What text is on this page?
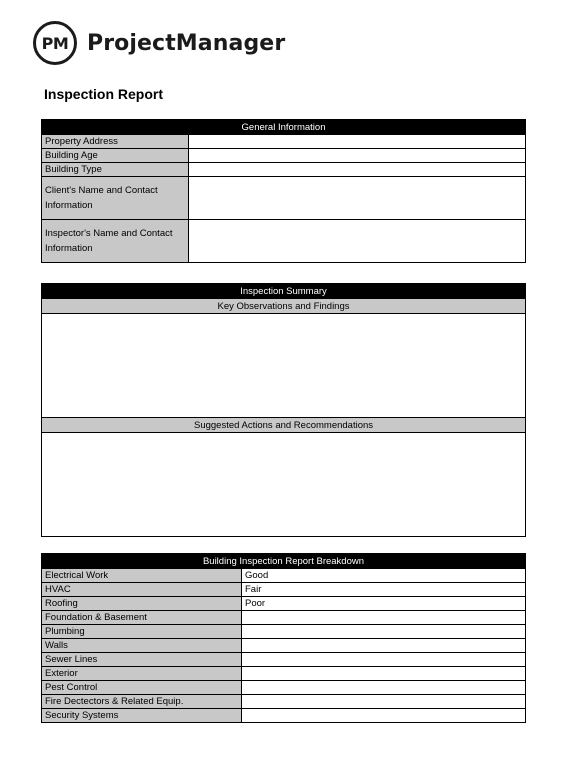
PM ProjectManager
Inspection Report
General Information	
Property Address	
Building Age	
Building Type	
Client's Name and Contact Information	
Inspector's Name and Contact Information	
Inspection Summary
Key Observations and Findings

Suggested Actions and Recommendations

Building Inspection Report Breakdown	
Electrical Work	Good
HVAC	Fair
Roofing	Poor
Foundation & Basement	
Plumbing	
Walls	
Sewer Lines	
Exterior	
Pest Control	
Fire Dectectors & Related Equip.	
Security Systems	
